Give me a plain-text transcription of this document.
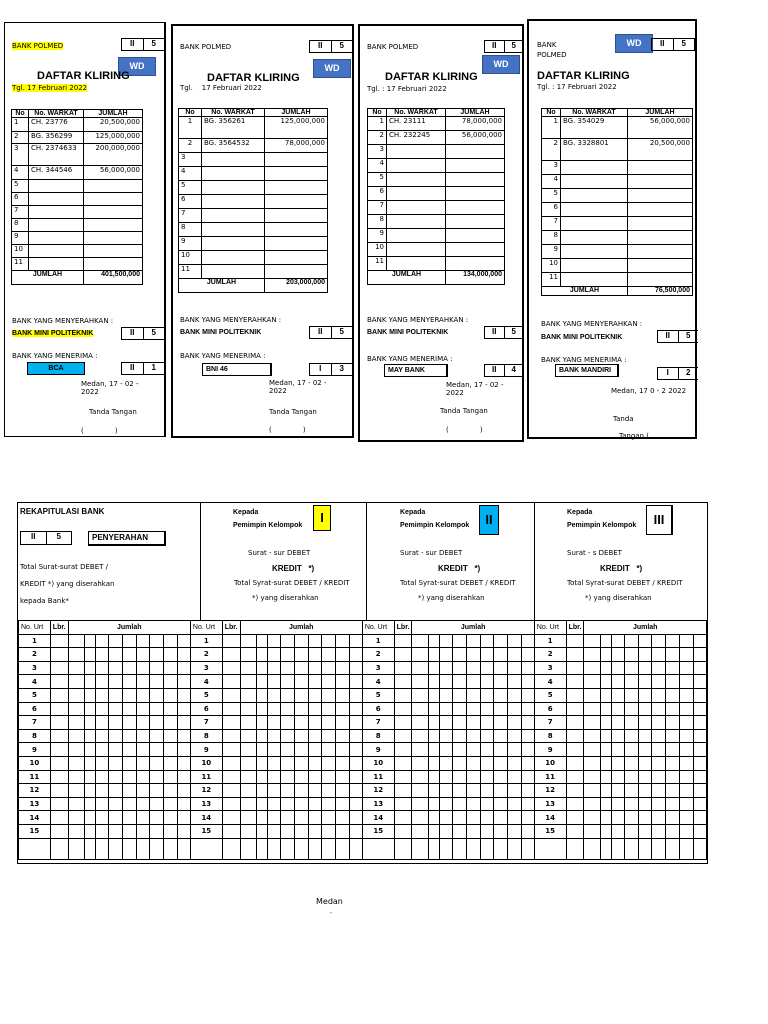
BANK POLMED	II	5
WD
DAFTAR KLIRING
Tgl. 17 Februari 2022
No	No. WARKAT	JUMLAH
1	CH. 23776	20,500,000
2	BG. 356299	125,000,000
3	CH. 2374633	200,000,000
4	CH. 344546	56,000,000
5		
6		
7		
8		
9		
10		
11		
JUMLAH		401,500,000
BANK YANG MENYERAHKAN :
BANK MINI POLITEKNIK	II	5
BANK YANG MENERIMA :
BCA	II	1
Medan, 17 - 02 - 2022
Tanda Tangan
(              )
BANK POLMED	II	5
WD
DAFTAR KLIRING
Tgl.    17 Februari 2022
No	No. WARKAT	JUMLAH
1	BG. 356261	125,000,000
2	BG. 3564532	78,000,000
3		
4		
5		
6		
7		
8		
9		
10		
11		
JUMLAH		203,000,000
BANK YANG MENYERAHKAN :
BANK MINI POLITEKNIK	II	5
BANK YANG MENERIMA :
BNI 46	I	3
Medan, 17 - 02 - 2022
Tanda Tangan
(              )
BANK POLMED	II	5
DAFTAR KLIRING
WD
Tgl. : 17 Februari 2022
No	No. WARKAT	JUMLAH
1	CH. 23111	78,000,000
2	CH. 232245	56,000,000
3		
4		
5		
6		
7		
8		
9		
10		
11		
JUMLAH		134,000,000
BANK YANG MENYERAHKAN :
BANK MINI POLITEKNIK	II	5
BANK YANG MENERIMA :
MAY BANK	II	4
Medan, 17 - 02 - 2022
Tanda Tangan
(              )
BANK POLMED
WD	II	5
DAFTAR KLIRING
Tgl. : 17 Februari 2022
No	No. WARKAT	JUMLAH
1	BG. 354029	56,000,000
2	BG. 3328801	20,500,000
3		
4		
5		
6		
7		
8		
9		
10		
11		
JUMLAH		76,500,000
BANK YANG MENYERAHKAN :
BANK MINI POLITEKNIK	II	5
BANK YANG MENERIMA :
BANK MANDIRI	I	2
Medan, 17 0 - 2 2022
Tanda
Tangan (
REKAPITULASI BANK
II	5	PENYERAHAN
Total Surat-surat DEBET /
KREDIT *) yang diserahkan
kepada Bank*
Kepada
Pemimpin Kelompok
I
Surat - sur DEBET
KREDIT   *)
Total Syrat-surat DEBET / KREDIT
*) yang diserahkan
Kepada
Pemimpin Kelompok	II
Surat - sur DEBET
KREDIT   *)
Total Syrat-surat DEBET / KREDIT
*) yang diserahkan
Kepada
Pemimpin Kelompok	III
Surat - s DEBET
KREDIT   *)
Total Syrat-surat DEBET / KREDIT
*) yang diserahkan
No. Urt	Lbr.	Jumlah									No. Urt	Lbr.	Jumlah									No. Urt	Lbr.	Jumlah									No. Urt	Lbr.	Jumlah								
1											1											1											1										
2											2											2											2										
3											3											3											3										
4											4											4											4										
5											5											5											5										
6											6											6											6										
7											7											7											7										
8											8											8											8										
9											9											9											9										
10											10											10											10										
11											11											11											11										
12											12											12											12										
13											13											13											13										
14											14											14											14										
15											15											15											15										

Medan
,
